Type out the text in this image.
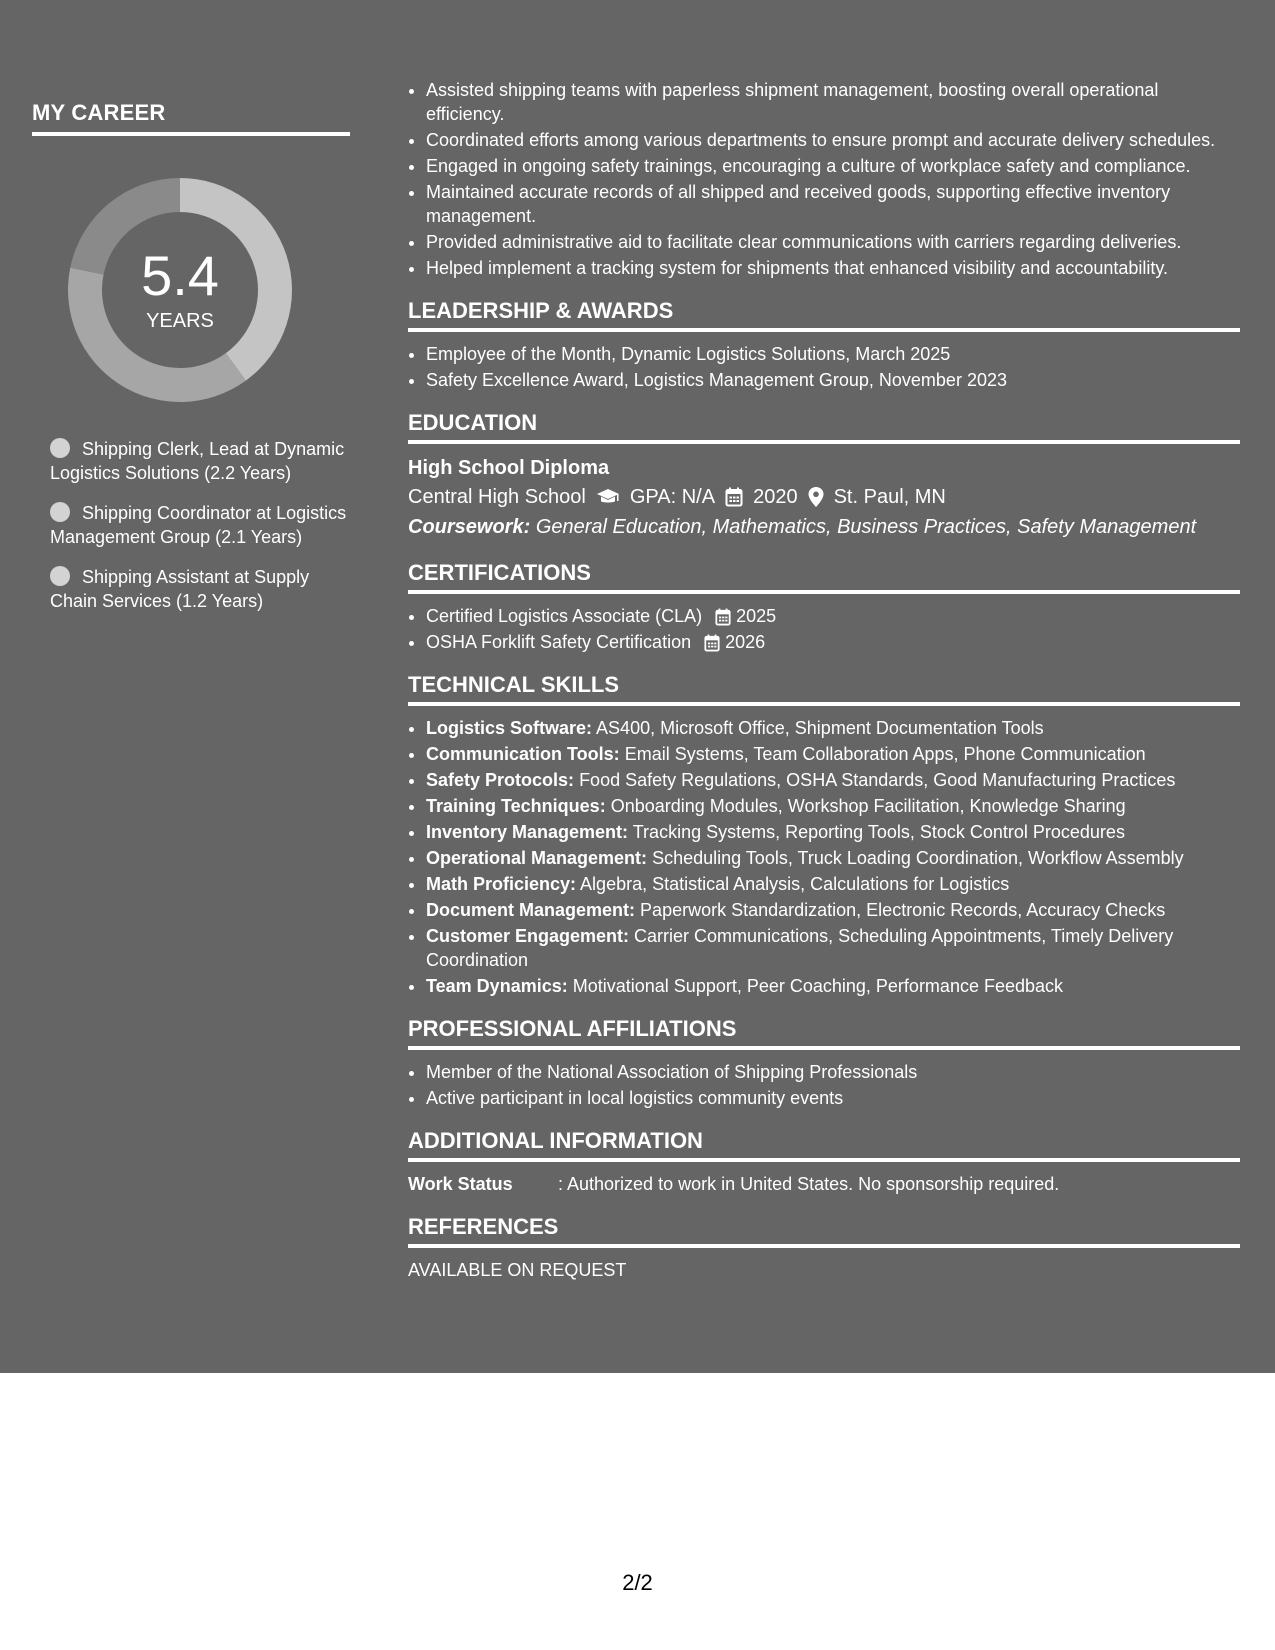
MY CAREER
5.4
YEARS
Shipping Clerk, Lead at Dynamic Logistics Solutions (2.2 Years)
Shipping Coordinator at Logistics Management Group (2.1 Years)
Shipping Assistant at Supply Chain Services (1.2 Years)
• Assisted shipping teams with paperless shipment management, boosting overall operational efficiency.
• Coordinated efforts among various departments to ensure prompt and accurate delivery schedules.
• Engaged in ongoing safety trainings, encouraging a culture of workplace safety and compliance.
• Maintained accurate records of all shipped and received goods, supporting effective inventory management.
• Provided administrative aid to facilitate clear communications with carriers regarding deliveries.
• Helped implement a tracking system for shipments that enhanced visibility and accountability.
LEADERSHIP & AWARDS
• Employee of the Month, Dynamic Logistics Solutions, March 2025
• Safety Excellence Award, Logistics Management Group, November 2023
EDUCATION
High School Diploma
Central High School GPA: N/A 2020 St. Paul, MN
Coursework: General Education, Mathematics, Business Practices, Safety Management
CERTIFICATIONS
• Certified Logistics Associate (CLA) 2025
• OSHA Forklift Safety Certification 2026
TECHNICAL SKILLS
• Logistics Software: AS400, Microsoft Office, Shipment Documentation Tools
• Communication Tools: Email Systems, Team Collaboration Apps, Phone Communication
• Safety Protocols: Food Safety Regulations, OSHA Standards, Good Manufacturing Practices
• Training Techniques: Onboarding Modules, Workshop Facilitation, Knowledge Sharing
• Inventory Management: Tracking Systems, Reporting Tools, Stock Control Procedures
• Operational Management: Scheduling Tools, Truck Loading Coordination, Workflow Assembly
• Math Proficiency: Algebra, Statistical Analysis, Calculations for Logistics
• Document Management: Paperwork Standardization, Electronic Records, Accuracy Checks
• Customer Engagement: Carrier Communications, Scheduling Appointments, Timely Delivery Coordination
• Team Dynamics: Motivational Support, Peer Coaching, Performance Feedback
PROFESSIONAL AFFILIATIONS
• Member of the National Association of Shipping Professionals
• Active participant in local logistics community events
ADDITIONAL INFORMATION
Work Status	: Authorized to work in United States. No sponsorship required.
REFERENCES
AVAILABLE ON REQUEST
2/2
